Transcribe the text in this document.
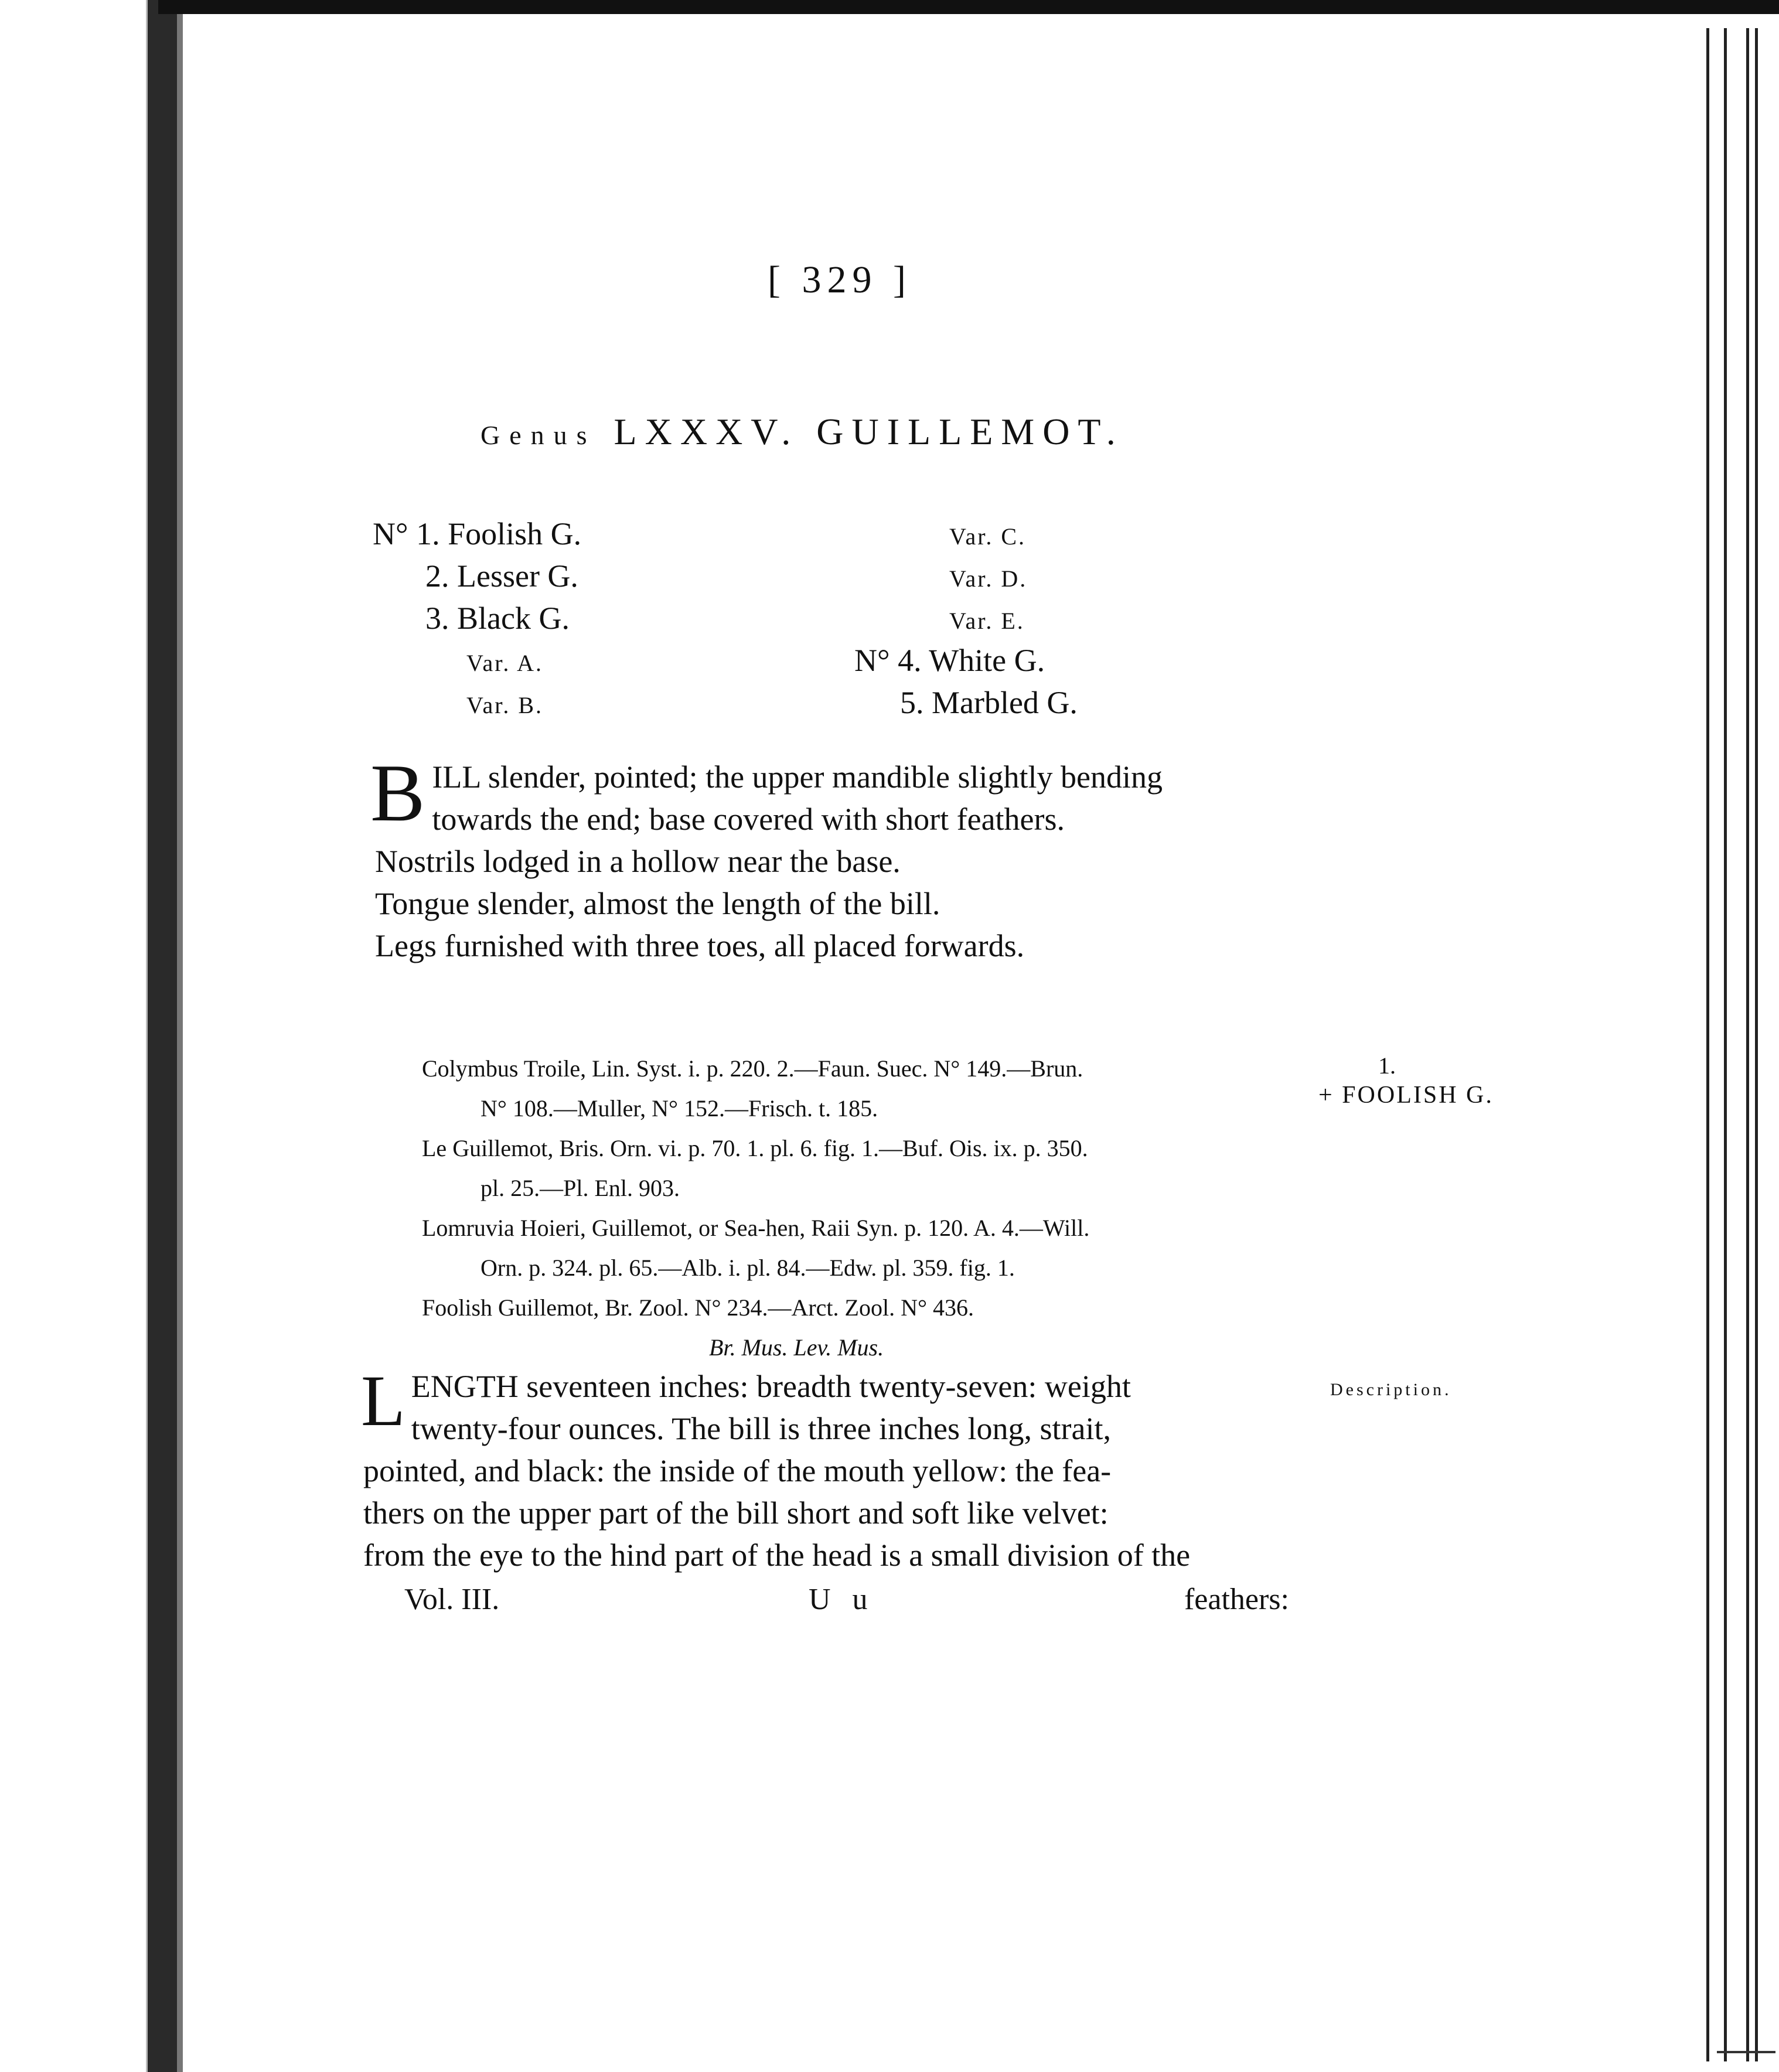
[ 329 ]
Genus LXXXV. GUILLEMOT.
N° 1. Foolish G.
2. Lesser G.
3. Black G.
Var. A.
Var. B.
Var. C.
Var. D.
Var. E.
N° 4. White G.
5. Marbled G.
B ILL slender, pointed; the upper mandible slightly bending
towards the end; base covered with short feathers.
Nostrils lodged in a hollow near the base.
Tongue slender, almost the length of the bill.
Legs furnished with three toes, all placed forwards.
Colymbus Troile, Lin. Syst. i. p. 220. 2.—Faun. Suec. N° 149.—Brun.
N° 108.—Muller, N° 152.—Frisch. t. 185.
Le Guillemot, Bris. Orn. vi. p. 70. 1. pl. 6. fig. 1.—Buf. Ois. ix. p. 350.
pl. 25.—Pl. Enl. 903.
Lomruvia Hoieri, Guillemot, or Sea-hen, Raii Syn. p. 120. A. 4.—Will.
Orn. p. 324. pl. 65.—Alb. i. pl. 84.—Edw. pl. 359. fig. 1.
Foolish Guillemot, Br. Zool. N° 234.—Arct. Zool. N° 436.
Br. Mus. Lev. Mus.
1.
+ FOOLISH G.
Description.
L ENGTH seventeen inches: breadth twenty-seven: weight
twenty-four ounces. The bill is three inches long, strait,
pointed, and black: the inside of the mouth yellow: the fea-
thers on the upper part of the bill short and soft like velvet:
from the eye to the hind part of the head is a small division of the
Vol. III.	U u	feathers:
